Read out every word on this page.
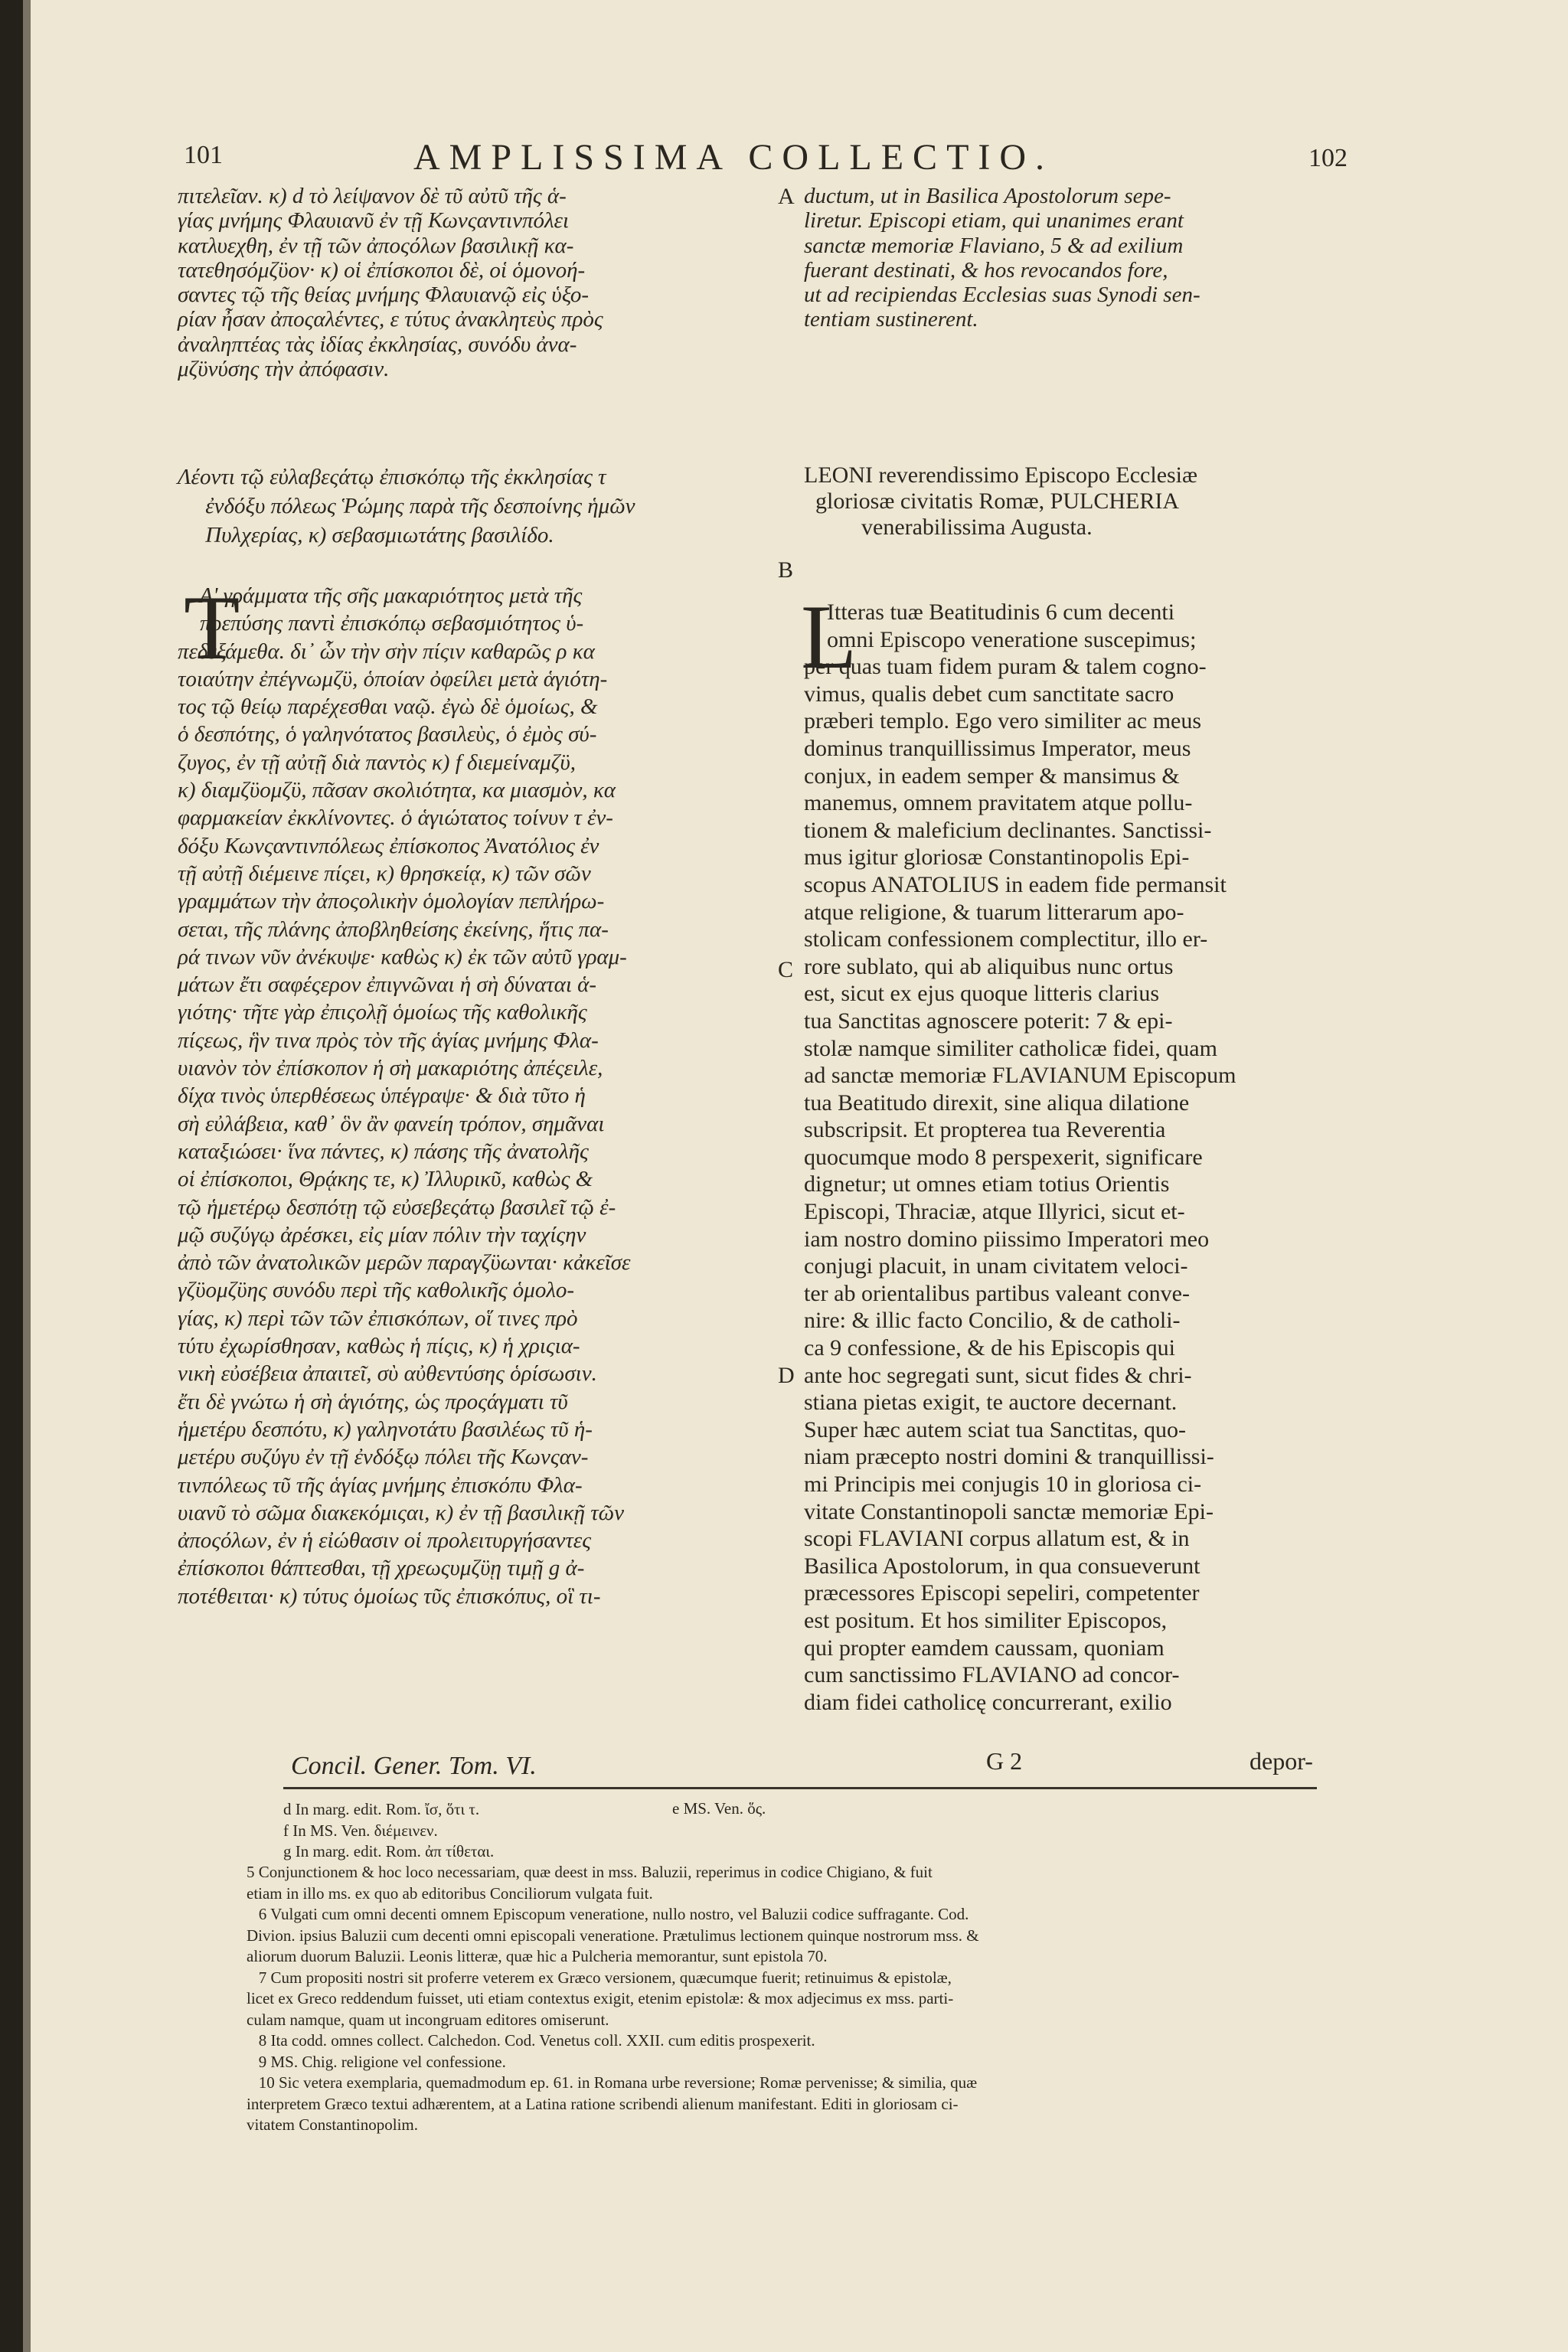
101	AMPLISSIMA COLLECTIO.	102
A
B
C
D
πιτελεῖαν. κ) d τὸ λείψανον δὲ τῦ αὐτῦ τῆς ἁ-
γίας μνήμης Φλαυιανῦ ἐν τῇ Κωνςαντινπόλει
κατλυεχθη, ἐν τῇ τῶν ἀποςόλων βασιλικῇ κα-
τατεθησόμζϋον· κ) οἱ ἐπίσκοποι δὲ, οἱ ὁμονοή-
σαντες τῷ τῆς θείας μνήμης Φλαυιανῷ εἰς ὑξο-
ρίαν ἦσαν ἀποςαλέντες, ε τύτυς ἀνακλητεὺς πρὸς
ἀναληπτέας τὰς ἰδίας ἐκκλησίας, συνόδυ ἀνα-
μζϋνύσης τὴν ἀπόφασιν.
ductum, ut in Basilica Apostolorum sepe-
liretur. Episcopi etiam, qui unanimes erant
sanctæ memoriæ Flaviano, 5 & ad exilium
fuerant destinati, & hos revocandos fore,
ut ad recipiendas Ecclesias suas Synodi sen-
tentiam sustinerent.
Λέοντι τῷ εὐλαβεςάτῳ ἐπισκόπῳ τῆς ἐκκλησίας τ
ἐνδόξυ πόλεως Ῥώμης παρὰ τῆς δεσποίνης ἡμῶν
Πυλχερίας, κ) σεβασμιωτάτης βασιλίδο.
LEONI reverendissimo Episcopo Ecclesiæ
gloriosæ civitatis Romæ, PULCHERIA
venerabilissima Augusta.
Τ
Α' γράμματα τῆς σῆς μακαριότητος μετὰ τῆς
πρεπύσης παντὶ ἐπισκόπῳ σεβασμιότητος ὑ-
πεδεξάμεθα. δι᾽ ὧν τὴν σὴν πίςιν καθαρῶς ρ κα
τοιαύτην ἐπέγνωμζϋ, ὁποίαν ὀφείλει μετὰ ἁγιότη-
τος τῷ θείῳ παρέχεσθαι ναῷ. ἐγὼ δὲ ὁμοίως, &
ὁ δεσπότης, ὁ γαληνότατος βασιλεὺς, ὁ ἐμὸς σύ-
ζυγος, ἐν τῇ αὐτῇ διὰ παντὸς κ) f διεμείναμζϋ,
κ) διαμζϋομζϋ, πᾶσαν σκολιότητα, κα μιασμὸν, κα
φαρμακείαν ἐκκλίνοντες. ὁ ἁγιώτατος τοίνυν τ ἐν-
δόξυ Κωνςαντινπόλεως ἐπίσκοπος Ἀνατόλιος ἐν
τῇ αὐτῇ διέμεινε πίςει, κ) θρησκείᾳ, κ) τῶν σῶν
γραμμάτων τὴν ἀποςολικὴν ὁμολογίαν πεπλήρω-
σεται, τῆς πλάνης ἀποβληθείσης ἐκείνης, ἥτις πα-
ρά τινων νῦν ἀνέκυψε· καθὼς κ) ἐκ τῶν αὐτῦ γραμ-
μάτων ἔτι σαφέςερον ἐπιγνῶναι ἡ σὴ δύναται ἁ-
γιότης· τῆτε γὰρ ἐπιςολῇ ὁμοίως τῆς καθολικῆς
πίςεως, ἣν τινα πρὸς τὸν τῆς ἁγίας μνήμης Φλα-
υιανὸν τὸν ἐπίσκοπον ἡ σὴ μακαριότης ἀπέςειλε,
δίχα τινὸς ὑπερθέσεως ὑπέγραψε· & διὰ τῦτο ἡ
σὴ εὐλάβεια, καθ᾽ ὃν ἂν φανείη τρόπον, σημᾶναι
καταξιώσει· ἵνα πάντες, κ) πάσης τῆς ἀνατολῆς
οἱ ἐπίσκοποι, Θρᾴκης τε, κ) Ἰλλυρικῦ, καθὼς &
τῷ ἡμετέρῳ δεσπότῃ τῷ εὐσεβεςάτῳ βασιλεῖ τῷ ἐ-
μῷ συζύγῳ ἀρέσκει, εἰς μίαν πόλιν τὴν ταχίςην
ἀπὸ τῶν ἀνατολικῶν μερῶν παραγζϋωνται· κἀκεῖσε
γζϋομζϋης συνόδυ περὶ τῆς καθολικῆς ὁμολο-
γίας, κ) περὶ τῶν τῶν ἐπισκόπων, οἵ τινες πρὸ
τύτυ ἐχωρίσθησαν, καθὼς ἡ πίςις, κ) ἡ χριςια-
νικὴ εὐσέβεια ἀπαιτεῖ, σὺ αὐθεντύσης ὁρίσωσιν.
ἔτι δὲ γνώτω ἡ σὴ ἁγιότης, ὡς προςάγματι τῦ
ἡμετέρυ δεσπότυ, κ) γαληνοτάτυ βασιλέως τῦ ἡ-
μετέρυ συζύγυ ἐν τῇ ἐνδόξῳ πόλει τῆς Κωνςαν-
τινπόλεως τῦ τῆς ἁγίας μνήμης ἐπισκόπυ Φλα-
υιανῦ τὸ σῶμα διακεκόμιςαι, κ) ἐν τῇ βασιλικῇ τῶν
ἀποςόλων, ἐν ἡ εἰώθασιν οἱ προλειτυργήσαντες
ἐπίσκοποι θάπτεσθαι, τῇ χρεωςυμζϋῃ τιμῇ g ἀ-
ποτέθειται· κ) τύτυς ὁμοίως τῦς ἐπισκόπυς, οἳ τι-
L
Itteras tuæ Beatitudinis 6 cum decenti
omni Episcopo veneratione suscepimus;
per quas tuam fidem puram & talem cogno-
vimus, qualis debet cum sanctitate sacro
præberi templo. Ego vero similiter ac meus
dominus tranquillissimus Imperator, meus
conjux, in eadem semper & mansimus &
manemus, omnem pravitatem atque pollu-
tionem & maleficium declinantes. Sanctissi-
mus igitur gloriosæ Constantinopolis Epi-
scopus ANATOLIUS in eadem fide permansit
atque religione, & tuarum litterarum apo-
stolicam confessionem complectitur, illo er-
rore sublato, qui ab aliquibus nunc ortus
est, sicut ex ejus quoque litteris clarius
tua Sanctitas agnoscere poterit: 7 & epi-
stolæ namque similiter catholicæ fidei, quam
ad sanctæ memoriæ FLAVIANUM Episcopum
tua Beatitudo direxit, sine aliqua dilatione
subscripsit. Et propterea tua Reverentia
quocumque modo 8 perspexerit, significare
dignetur; ut omnes etiam totius Orientis
Episcopi, Thraciæ, atque Illyrici, sicut et-
iam nostro domino piissimo Imperatori meo
conjugi placuit, in unam civitatem veloci-
ter ab orientalibus partibus valeant conve-
nire: & illic facto Concilio, & de catholi-
ca 9 confessione, & de his Episcopis qui
ante hoc segregati sunt, sicut fides & chri-
stiana pietas exigit, te auctore decernant.
Super hæc autem sciat tua Sanctitas, quo-
niam præcepto nostri domini & tranquillissi-
mi Principis mei conjugis 10 in gloriosa ci-
vitate Constantinopoli sanctæ memoriæ Epi-
scopi FLAVIANI corpus allatum est, & in
Basilica Apostolorum, in qua consueverunt
præcessores Episcopi sepeliri, competenter
est positum. Et hos similiter Episcopos,
qui propter eamdem caussam, quoniam
cum sanctissimo FLAVIANO ad concor-
diam fidei catholicę concurrerant, exilio
Concil. Gener. Tom. VI.	G 2	depor-
d In marg. edit. Rom. ἴσ, ὅτι τ.
f In MS. Ven. διέμεινεν.
g In marg. edit. Rom. ἀπ τίθεται.
e MS. Ven. ὅς.
5 Conjunctionem & hoc loco necessariam, quæ deest in mss. Baluzii, reperimus in codice Chigiano, & fuit
etiam in illo ms. ex quo ab editoribus Conciliorum vulgata fuit.
6 Vulgati cum omni decenti omnem Episcopum veneratione, nullo nostro, vel Baluzii codice suffragante. Cod.
Divion. ipsius Baluzii cum decenti omni episcopali veneratione. Prætulimus lectionem quinque nostrorum mss. &
aliorum duorum Baluzii. Leonis litteræ, quæ hic a Pulcheria memorantur, sunt epistola 70.
7 Cum propositi nostri sit proferre veterem ex Græco versionem, quæcumque fuerit; retinuimus & epistolæ,
licet ex Greco reddendum fuisset, uti etiam contextus exigit, etenim epistolæ: & mox adjecimus ex mss. parti-
culam namque, quam ut incongruam editores omiserunt.
8 Ita codd. omnes collect. Calchedon. Cod. Venetus coll. XXII. cum editis prospexerit.
9 MS. Chig. religione vel confessione.
10 Sic vetera exemplaria, quemadmodum ep. 61. in Romana urbe reversione; Romæ pervenisse; & similia, quæ
interpretem Græco textui adhærentem, at a Latina ratione scribendi alienum manifestant. Editi in gloriosam ci-
vitatem Constantinopolim.
